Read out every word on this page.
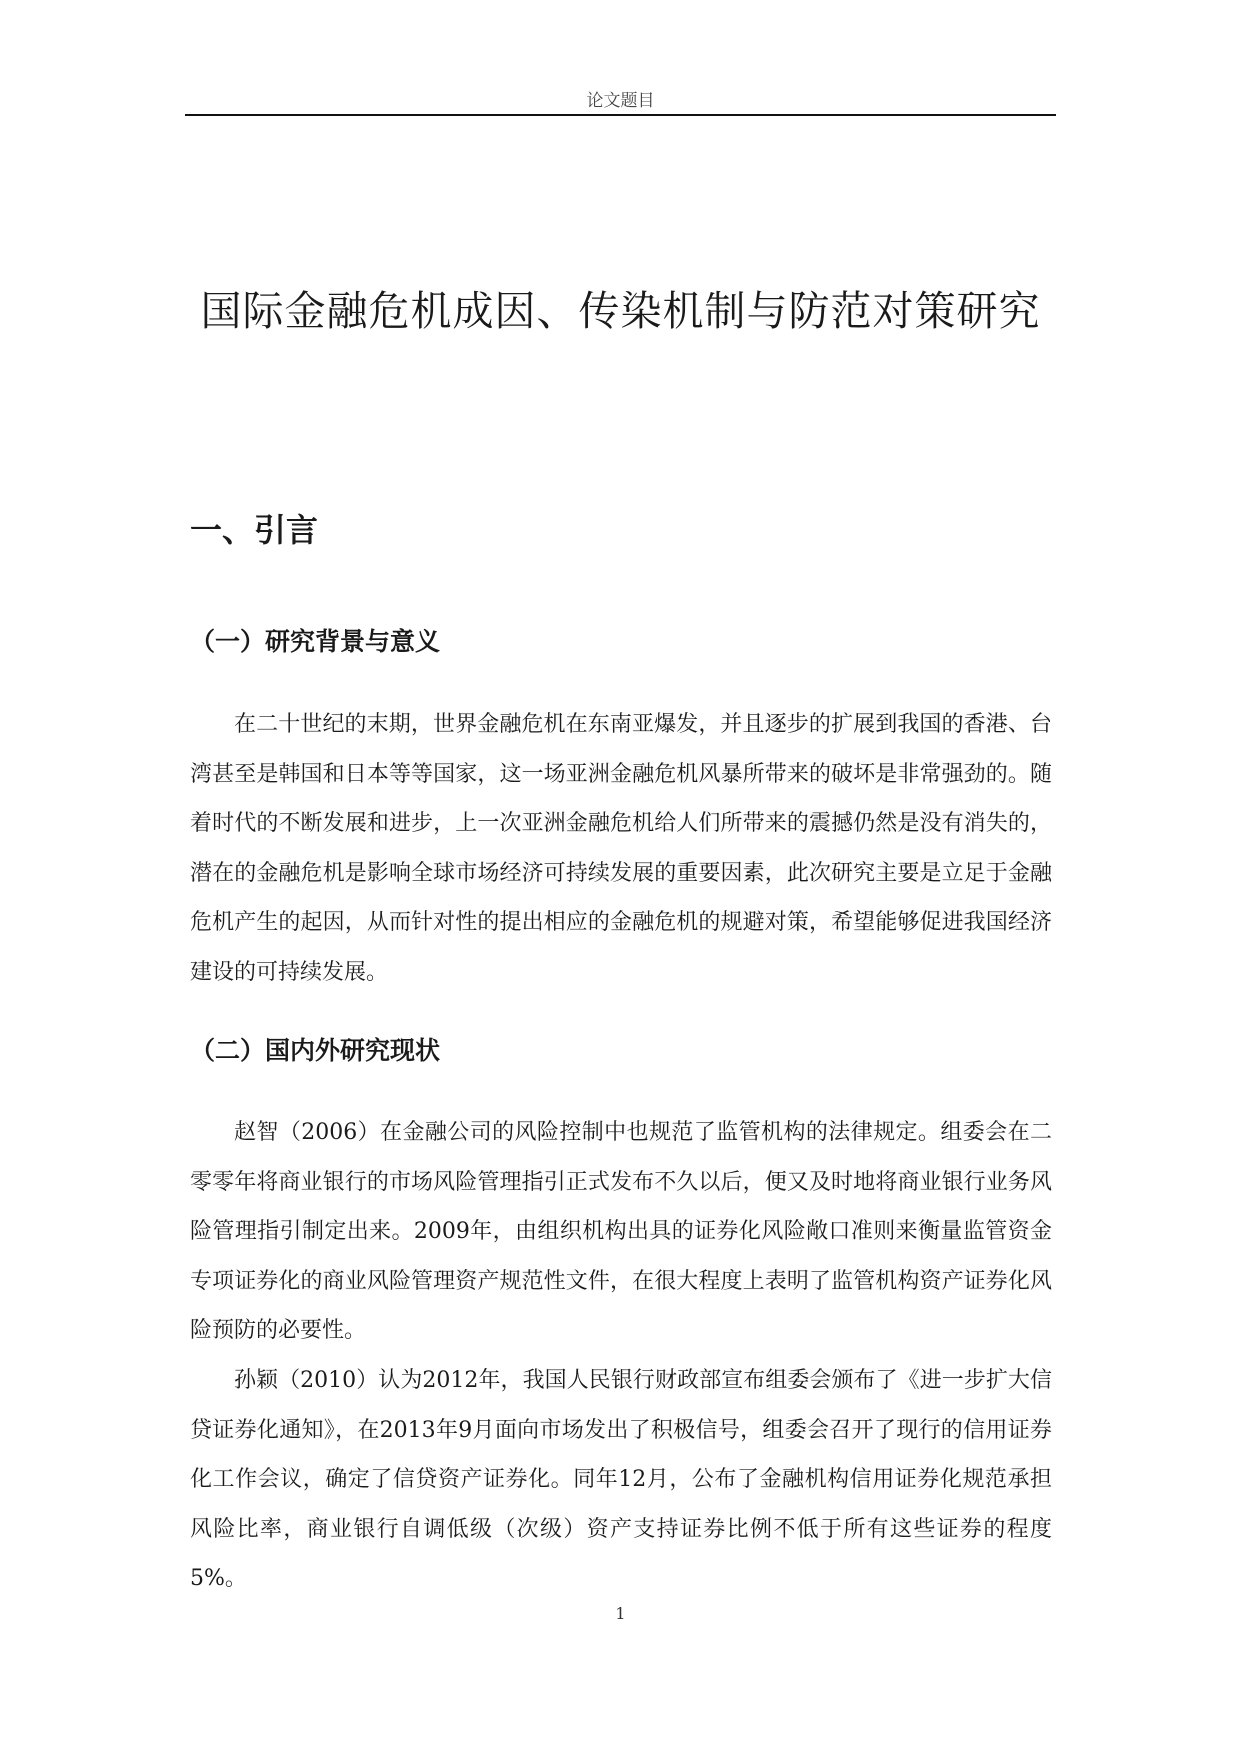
论文题目
国际金融危机成因、传染机制与防范对策研究
一、引言
（一）研究背景与意义

在二十世纪的末期，世界金融危机在东南亚爆发，并且逐步的扩展到我国的香港、台湾甚至是韩国和日本等等国家，这一场亚洲金融危机风暴所带来的破坏是非常强劲的。随着时代的不断发展和进步，上一次亚洲金融危机给人们所带来的震撼仍然是没有消失的，潜在的金融危机是影响全球市场经济可持续发展的重要因素，此次研究主要是立足于金融危机产生的起因，从而针对性的提出相应的金融危机的规避对策，希望能够促进我国经济建设的可持续发展。

（二）国内外研究现状

赵智（2006）在金融公司的风险控制中也规范了监管机构的法律规定。组委会在二零零年将商业银行的市场风险管理指引正式发布不久以后，便又及时地将商业银行业务风险管理指引制定出来。2009年，由组织机构出具的证券化风险敞口准则来衡量监管资金专项证券化的商业风险管理资产规范性文件，在很大程度上表明了监管机构资产证券化风险预防的必要性。

孙颖（2010）认为2012年，我国人民银行财政部宣布组委会颁布了《进一步扩大信贷证券化通知》，在2013年9月面向市场发出了积极信号，组委会召开了现行的信用证券化工作会议，确定了信贷资产证券化。同年12月，公布了金融机构信用证券化规范承担风险比率，商业银行自调低级（次级）资产支持证券比例不低于所有这些证券的程度5%。

1
